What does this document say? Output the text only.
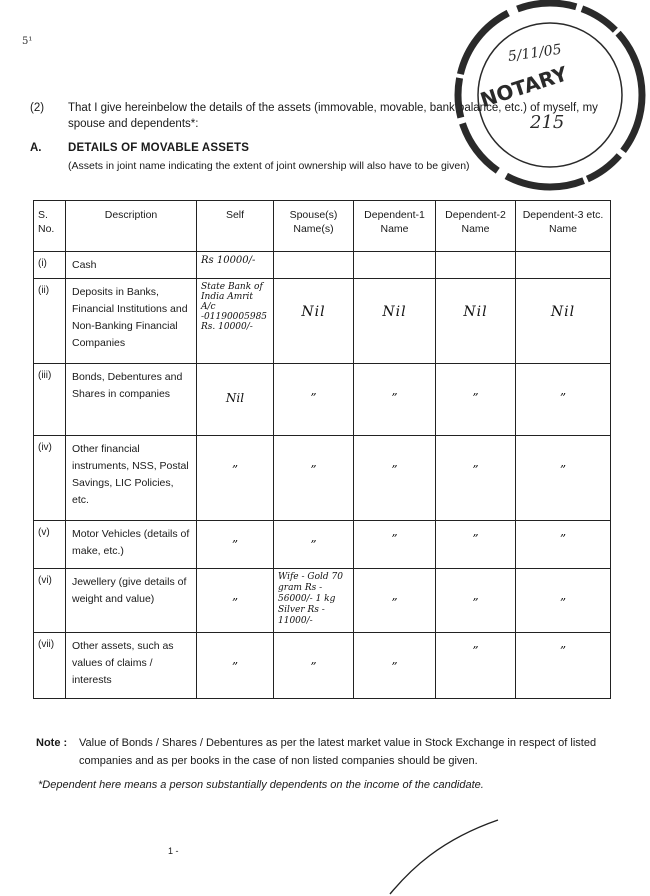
5¹
(2) That I give hereinbelow the details of the assets (immovable, movable, bank balance, etc.) of myself, my spouse and dependents*:
A. DETAILS OF MOVABLE ASSETS
(Assets in joint name indicating the extent of joint ownership will also have to be given)
S. No.	Description	Self	Spouse(s) Name(s)	Dependent-1 Name	Dependent-2 Name	Dependent-3 etc. Name
(i)	Cash	Rs 10000/-				

(ii)	Deposits in Banks, Financial Institutions and Non-Banking Financial Companies	State Bank of India Amrit A/c -01190005985 Rs. 10000/-	Nil	Nil	Nil	Nil

(iii)	Bonds, Debentures and Shares in companies	Nil	”	”	”	”

(iv)	Other financial instruments, NSS, Postal Savings, LIC Policies, etc.	”	”	”	”	”

(v)	Motor Vehicles (details of make, etc.)	”	”	”	”	”

(vi)	Jewellery (give details of weight and value)	”	Wife - Gold 70 gram Rs - 56000/- 1 kg Silver Rs - 11000/-	”	”	”

(vii)	Other assets, such as values of claims / interests	”	”	”	”	”
Note : Value of Bonds / Shares / Debentures as per the latest market value in Stock Exchange in respect of listed companies and as per books in the case of non listed companies should be given.
*Dependent here means a person substantially dependents on the income of the candidate.
1 -
5/11/05
NOTARY
215
